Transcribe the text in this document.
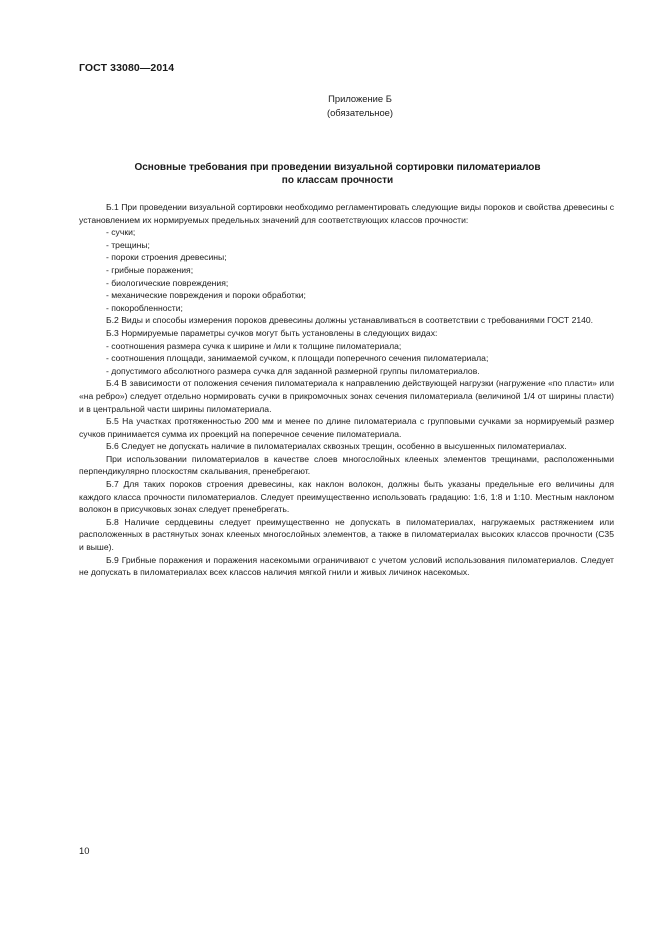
ГОСТ 33080—2014
Приложение Б
(обязательное)
Основные требования при проведении визуальной сортировки пиломатериалов
по классам прочности

Б.1 При проведении визуальной сортировки необходимо регламентировать следующие виды пороков и свойства древесины с установлением их нормируемых предельных значений для соответствующих классов прочности:

- сучки;

- трещины;

- пороки строения древесины;

- грибные поражения;

- биологические повреждения;

- механические повреждения и пороки обработки;

- покоробленности;

Б.2 Виды и способы измерения пороков древесины должны устанавливаться в соответствии с требованиями ГОСТ 2140.

Б.3 Нормируемые параметры сучков могут быть установлены в следующих видах:

- соотношения размера сучка к ширине и /или к толщине пиломатериала;

- соотношения площади, занимаемой сучком, к площади поперечного сечения пиломатериала;

- допустимого абсолютного размера сучка для заданной размерной группы пиломатериалов.

Б.4 В зависимости от положения сечения пиломатериала к направлению действующей нагрузки (нагружение «по пласти» или «на ребро») следует отдельно нормировать сучки в прикромочных зонах сечения пиломатериала (величиной 1/4 от ширины пласти) и в центральной части ширины пиломатериала.

Б.5 На участках протяженностью 200 мм и менее по длине пиломатериала с групповыми сучками за нормируемый размер сучков принимается сумма их проекций на поперечное сечение пиломатериала.

Б.6 Следует не допускать наличие в пиломатериалах сквозных трещин, особенно в высушенных пиломатериалах.

При использовании пиломатериалов в качестве слоев многослойных клееных элементов трещинами, расположенными перпендикулярно плоскостям скалывания, пренебрегают.

Б.7 Для таких пороков строения древесины, как наклон волокон, должны быть указаны предельные его величины для каждого класса прочности пиломатериалов. Следует преимущественно использовать градацию: 1:6, 1:8 и 1:10. Местным наклоном волокон в присучковых зонах следует пренебрегать.

Б.8 Наличие сердцевины следует преимущественно не допускать в пиломатериалах, нагружаемых растяжением или расположенных в растянутых зонах клееных многослойных элементов, а также в пиломатериалах высоких классов прочности (С35 и выше).

Б.9 Грибные поражения и поражения насекомыми ограничивают с учетом условий использования пиломатериалов. Следует не допускать в пиломатериалах всех классов наличия мягкой гнили и живых личинок насекомых.

10
